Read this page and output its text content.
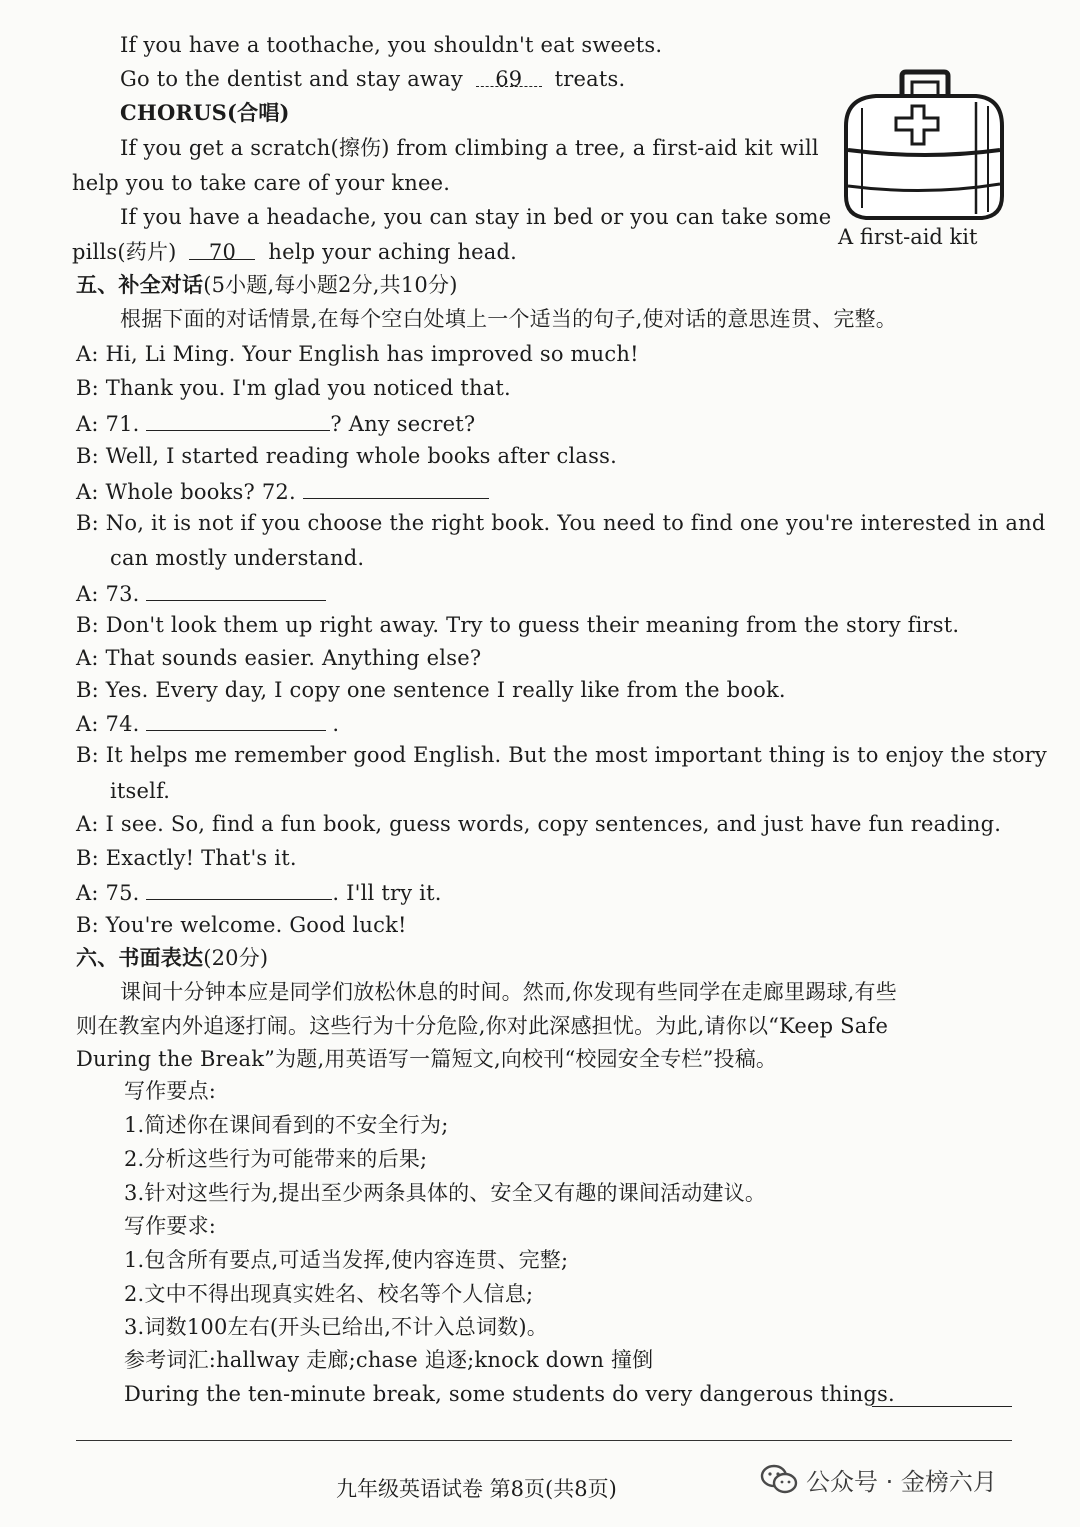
If you have a toothache, you shouldn't eat sweets.
Go to the dentist and stay away 69 treats.
CHORUS(合唱)
If you get a scratch(擦伤) from climbing a tree, a first-aid kit will
help you to take care of your knee.
If you have a headache, you can stay in bed or you can take some
pills(药片) 70 help your aching head.
A first-aid kit
五、补全对话(5小题,每小题2分,共10分)
根据下面的对话情景,在每个空白处填上一个适当的句子,使对话的意思连贯、完整。
A: Hi, Li Ming. Your English has improved so much!
B: Thank you. I'm glad you noticed that.
A: 71.	? Any secret?
B: Well, I started reading whole books after class.
A: Whole books? 72.
B: No, it is not if you choose the right book. You need to find one you're interested in and
can mostly understand.
A: 73.
B: Don't look them up right away. Try to guess their meaning from the story first.
A: That sounds easier. Anything else?
B: Yes. Every day, I copy one sentence I really like from the book.
A: 74.	.
B: It helps me remember good English. But the most important thing is to enjoy the story
itself.
A: I see. So, find a fun book, guess words, copy sentences, and just have fun reading.
B: Exactly! That's it.
A: 75.	. I'll try it.
B: You're welcome. Good luck!
六、书面表达(20分)
课间十分钟本应是同学们放松休息的时间。然而,你发现有些同学在走廊里踢球,有些
则在教室内外追逐打闹。这些行为十分危险,你对此深感担忧。为此,请你以“Keep Safe
During the Break”为题,用英语写一篇短文,向校刊“校园安全专栏”投稿。
写作要点:
1.简述你在课间看到的不安全行为;
2.分析这些行为可能带来的后果;
3.针对这些行为,提出至少两条具体的、安全又有趣的课间活动建议。
写作要求:
1.包含所有要点,可适当发挥,使内容连贯、完整;
2.文中不得出现真实姓名、校名等个人信息;
3.词数100左右(开头已给出,不计入总词数)。
参考词汇:hallway 走廊;chase 追逐;knock down 撞倒
During the ten-minute break, some students do very dangerous things.
九年级英语试卷 第8页(共8页)	公众号 · 金榜六月
